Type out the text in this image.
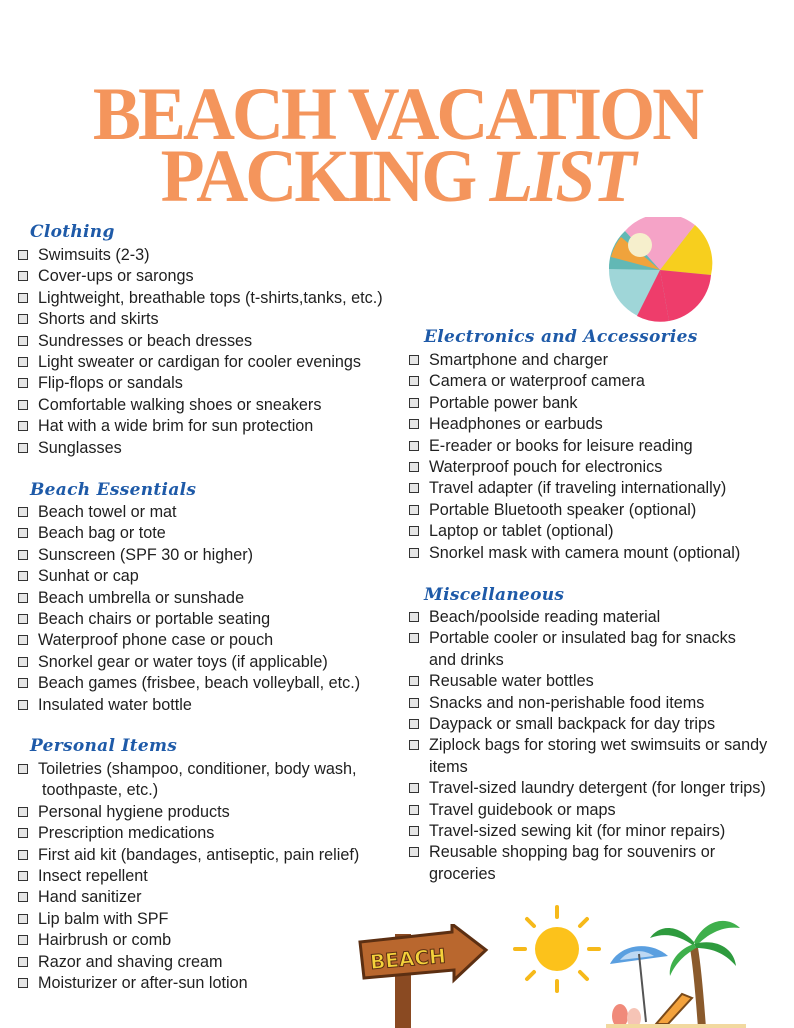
BEACH VACATION
PACKING LIST
Clothing
Swimsuits (2-3)
Cover-ups or sarongs
Lightweight, breathable tops (t-shirts,tanks, etc.)
Shorts and skirts
Sundresses or beach dresses
Light sweater or cardigan for cooler evenings
Flip-flops or sandals
Comfortable walking shoes or sneakers
Hat with a wide brim for sun protection
Sunglasses
Beach Essentials
Beach towel or mat
Beach bag or tote
Sunscreen (SPF 30 or higher)
Sunhat or cap
Beach umbrella or sunshade
Beach chairs or portable seating
Waterproof phone case or pouch
Snorkel gear or water toys (if applicable)
Beach games (frisbee, beach volleyball, etc.)
Insulated water bottle
Personal Items
Toiletries (shampoo, conditioner, body wash,
toothpaste, etc.)
Personal hygiene products
Prescription medications
First aid kit (bandages, antiseptic, pain relief)
Insect repellent
Hand sanitizer
Lip balm with SPF
Hairbrush or comb
Razor and shaving cream
Moisturizer or after-sun lotion
Electronics and Accessories
Smartphone and charger
Camera or waterproof camera
Portable power bank
Headphones or earbuds
E-reader or books for leisure reading
Waterproof pouch for electronics
Travel adapter (if traveling internationally)
Portable Bluetooth speaker (optional)
Laptop or tablet (optional)
Snorkel mask with camera mount (optional)
Miscellaneous
Beach/poolside reading material
Portable cooler or insulated bag for snacks
and drinks
Reusable water bottles
Snacks and non-perishable food items
Daypack or small backpack for day trips
Ziplock bags for storing wet swimsuits or sandy
items
Travel-sized laundry detergent (for longer trips)
Travel guidebook or maps
Travel-sized sewing kit (for minor repairs)
Reusable shopping bag for souvenirs or
groceries
BEACH
